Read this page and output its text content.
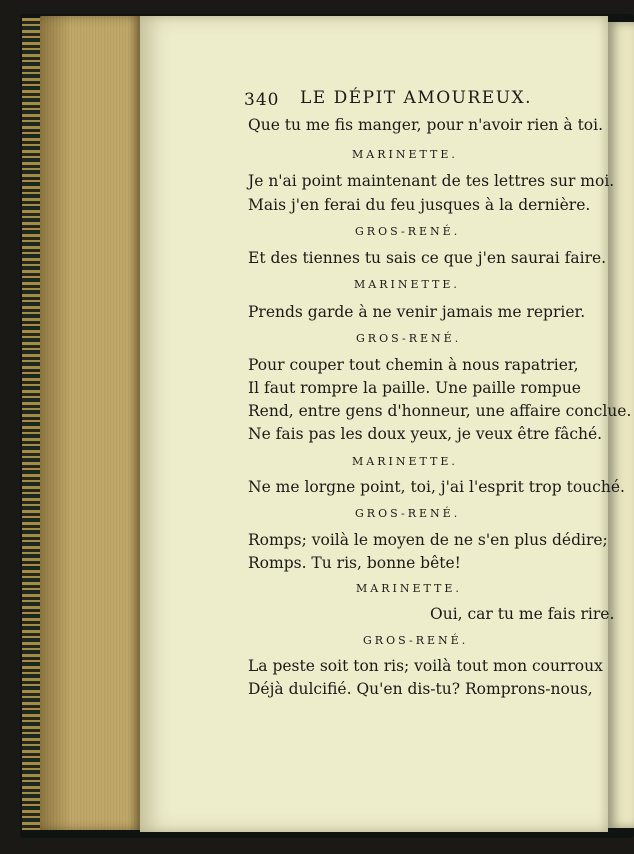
340 LE DÉPIT AMOUREUX.
Que tu me fis manger, pour n'avoir rien à toi.
MARINETTE.
Je n'ai point maintenant de tes lettres sur moi.
Mais j'en ferai du feu jusques à la dernière.
GROS-RENÉ.
Et des tiennes tu sais ce que j'en saurai faire.
MARINETTE.
Prends garde à ne venir jamais me reprier.
GROS-RENÉ.
Pour couper tout chemin à nous rapatrier,
Il faut rompre la paille. Une paille rompue
Rend, entre gens d'honneur, une affaire conclue.
Ne fais pas les doux yeux, je veux être fâché.
MARINETTE.
Ne me lorgne point, toi, j'ai l'esprit trop touché.
GROS-RENÉ.
Romps; voilà le moyen de ne s'en plus dédire;
Romps. Tu ris, bonne bête!
MARINETTE.
Oui, car tu me fais rire.
GROS-RENÉ.
La peste soit ton ris; voilà tout mon courroux
Déjà dulcifié. Qu'en dis-tu? Romprons-nous,
